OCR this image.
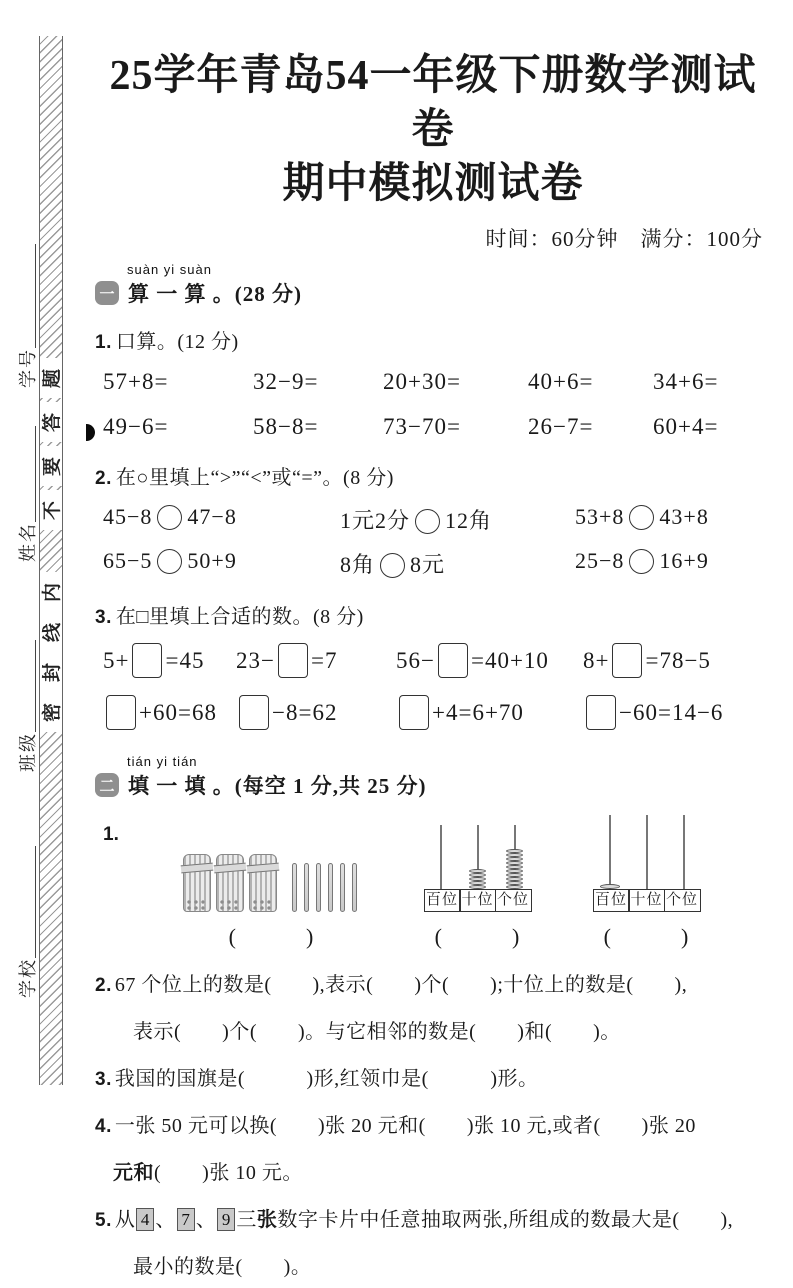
题
答
要
不
内
线
封
密
学号
姓名
班级
学校
25学年青岛54一年级下册数学测试卷
期中模拟测试卷
时间：60分钟　满分：100分
suàn yi suàn
一 算 一 算 。(28 分)
1. 口算。(12 分)
57+8=	32−9=	20+30=	40+6=	34+6=
49−6=	58−8=	73−70=	26−7=	60+4=
2. 在○里填上“>”“<”或“=”。(8 分)
45−8 47−8	1元2分 12角	53+8 43+8
65−5 50+9	8角 8元	25−8 16+9
3. 在□里填上合适的数。(8 分)
5+ =45	23− =7	56− =40+10	8+ =78−5
+60=68	−8=62	+4=6+70	−60=14−6
tián yi tián
二 填 一 填 。(每空 1 分,共 25 分)
1.
(　　　)
百位 十位 个位
(　　　)
百位 十位 个位
(　　　)
2. 67 个位上的数是(　　),表示(　　)个(　　);十位上的数是(　　),
表示(　　)个(　　)。与它相邻的数是(　　)和(　　)。
3. 我国的国旗是(　　　)形,红领巾是(　　　)形。
4. 一张 50 元可以换(　　)张 20 元和(　　)张 10 元,或者(　　)张 20
元和(　　)张 10 元。
5. 从 4 、 7 、 9 三张数字卡片中任意抽取两张,所组成的数最大是(　　),
最小的数是(　　)。
